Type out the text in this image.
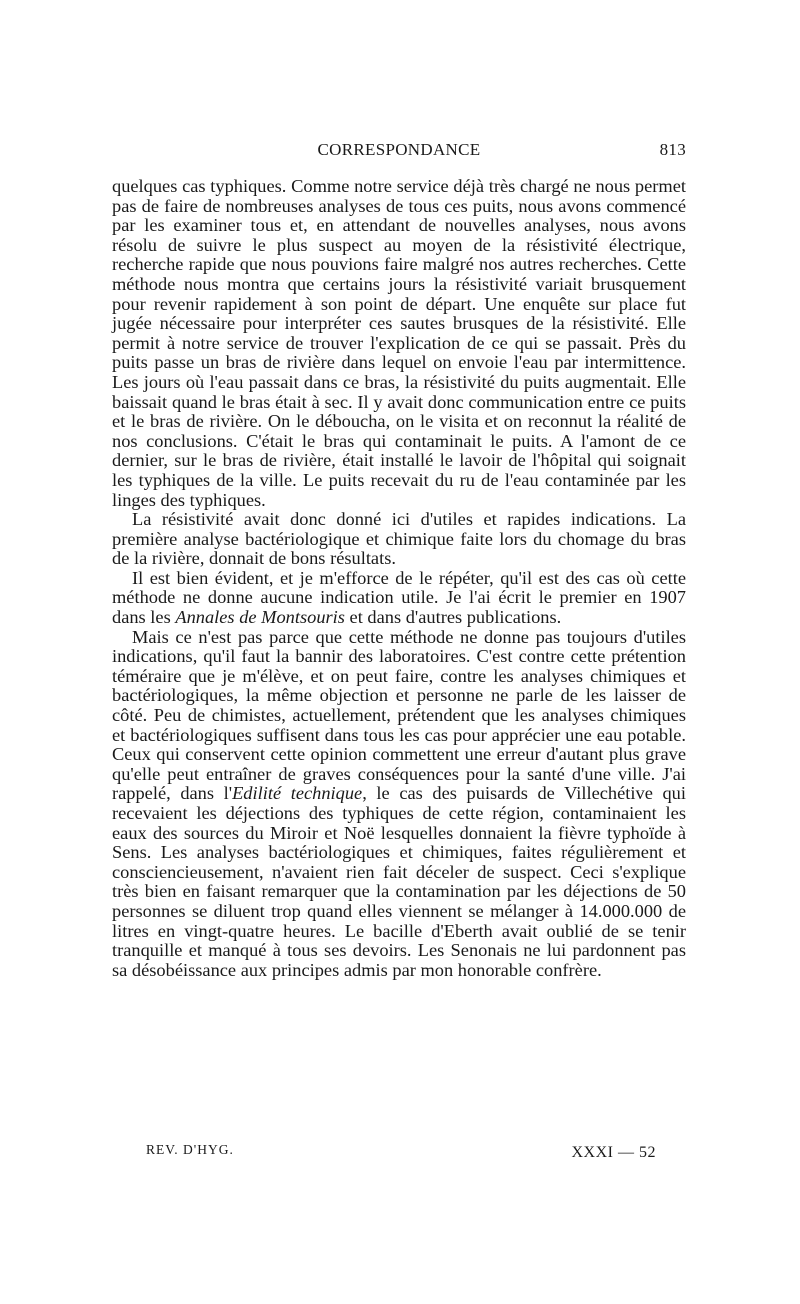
CORRESPONDANCE	813

quelques cas typhiques. Comme notre service déjà très chargé ne nous permet pas de faire de nombreuses analyses de tous ces puits, nous avons commencé par les examiner tous et, en attendant de nouvelles analyses, nous avons résolu de suivre le plus suspect au moyen de la résistivité électrique, recherche rapide que nous pouvions faire malgré nos autres recherches. Cette méthode nous montra que certains jours la résistivité variait brusquement pour revenir rapidement à son point de départ. Une enquête sur place fut jugée nécessaire pour interpréter ces sautes brusques de la résistivité. Elle permit à notre service de trouver l'explication de ce qui se passait. Près du puits passe un bras de rivière dans lequel on envoie l'eau par intermittence. Les jours où l'eau passait dans ce bras, la résistivité du puits augmentait. Elle baissait quand le bras était à sec. Il y avait donc communication entre ce puits et le bras de rivière. On le déboucha, on le visita et on reconnut la réalité de nos conclusions. C'était le bras qui contaminait le puits. A l'amont de ce dernier, sur le bras de rivière, était installé le lavoir de l'hôpital qui soignait les typhiques de la ville. Le puits recevait du ru de l'eau contaminée par les linges des typhiques.

La résistivité avait donc donné ici d'utiles et rapides indications. La première analyse bactériologique et chimique faite lors du chomage du bras de la rivière, donnait de bons résultats.

Il est bien évident, et je m'efforce de le répéter, qu'il est des cas où cette méthode ne donne aucune indication utile. Je l'ai écrit le premier en 1907 dans les Annales de Montsouris et dans d'autres publications.

Mais ce n'est pas parce que cette méthode ne donne pas toujours d'utiles indications, qu'il faut la bannir des laboratoires. C'est contre cette prétention téméraire que je m'élève, et on peut faire, contre les analyses chimiques et bactériologiques, la même objection et personne ne parle de les laisser de côté. Peu de chimistes, actuellement, prétendent que les analyses chimiques et bactériologiques suffisent dans tous les cas pour apprécier une eau potable. Ceux qui conservent cette opinion commettent une erreur d'autant plus grave qu'elle peut entraîner de graves conséquences pour la santé d'une ville. J'ai rappelé, dans l'Edilité technique, le cas des puisards de Villechétive qui recevaient les déjections des typhiques de cette région, contaminaient les eaux des sources du Miroir et Noë lesquelles donnaient la fièvre typhoïde à Sens. Les analyses bactériologiques et chimiques, faites régulièrement et consciencieusement, n'avaient rien fait déceler de suspect. Ceci s'explique très bien en faisant remarquer que la contamination par les déjections de 50 personnes se diluent trop quand elles viennent se mélanger à 14.000.000 de litres en vingt-quatre heures. Le bacille d'Eberth avait oublié de se tenir tranquille et manqué à tous ses devoirs. Les Senonais ne lui pardonnent pas sa désobéissance aux principes admis par mon honorable confrère.

REV. D'HYG.	XXXI — 52
